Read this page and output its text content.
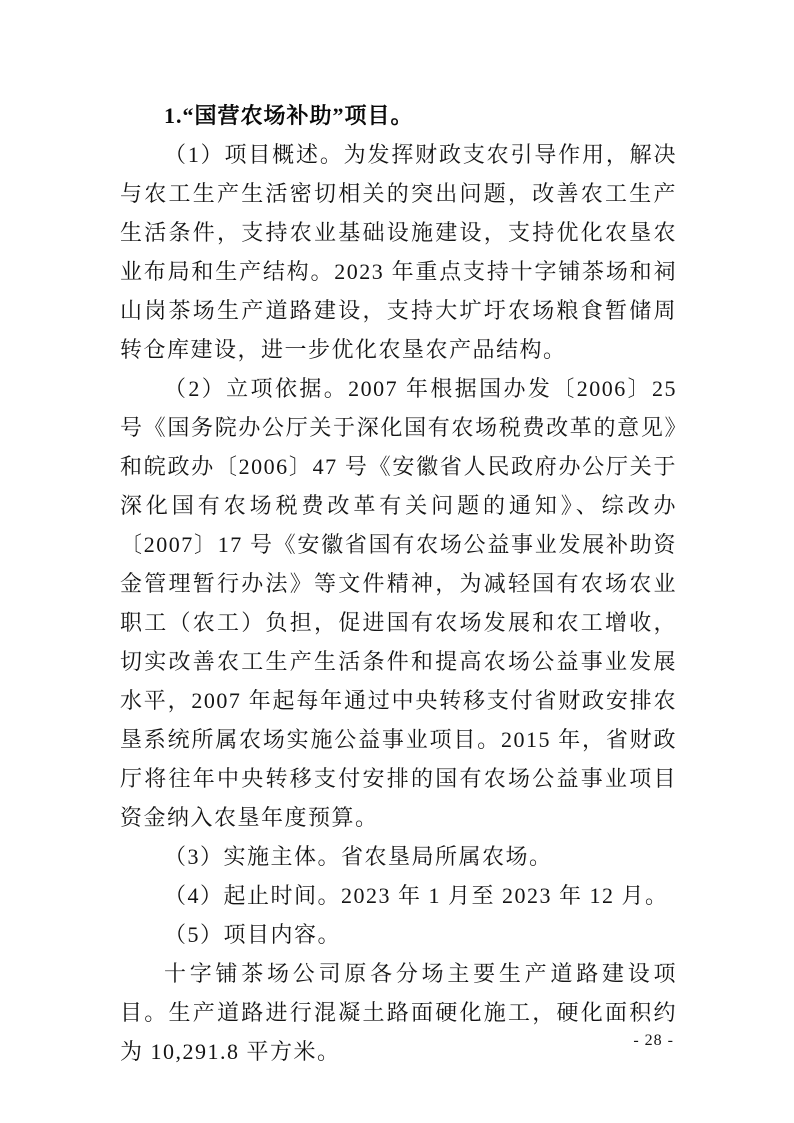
1.“国营农场补助”项目。

（1）项目概述。为发挥财政支农引导作用，解决与农工生产生活密切相关的突出问题，改善农工生产生活条件，支持农业基础设施建设，支持优化农垦农业布局和生产结构。2023 年重点支持十字铺茶场和祠山岗茶场生产道路建设，支持大圹圩农场粮食暂储周转仓库建设，进一步优化农垦农产品结构。

（2）立项依据。2007 年根据国办发〔2006〕25 号《国务院办公厅关于深化国有农场税费改革的意见》和皖政办〔2006〕47 号《安徽省人民政府办公厅关于深化国有农场税费改革有关问题的通知》、综改办〔2007〕17 号《安徽省国有农场公益事业发展补助资金管理暂行办法》等文件精神，为减轻国有农场农业职工（农工）负担，促进国有农场发展和农工增收，切实改善农工生产生活条件和提高农场公益事业发展水平，2007 年起每年通过中央转移支付省财政安排农垦系统所属农场实施公益事业项目。2015 年，省财政厅将往年中央转移支付安排的国有农场公益事业项目资金纳入农垦年度预算。

（3）实施主体。省农垦局所属农场。

（4）起止时间。2023 年 1 月至 2023 年 12 月。

（5）项目内容。

十字铺茶场公司原各分场主要生产道路建设项目。生产道路进行混凝土路面硬化施工，硬化面积约为 10,291.8 平方米。	- 28 -
